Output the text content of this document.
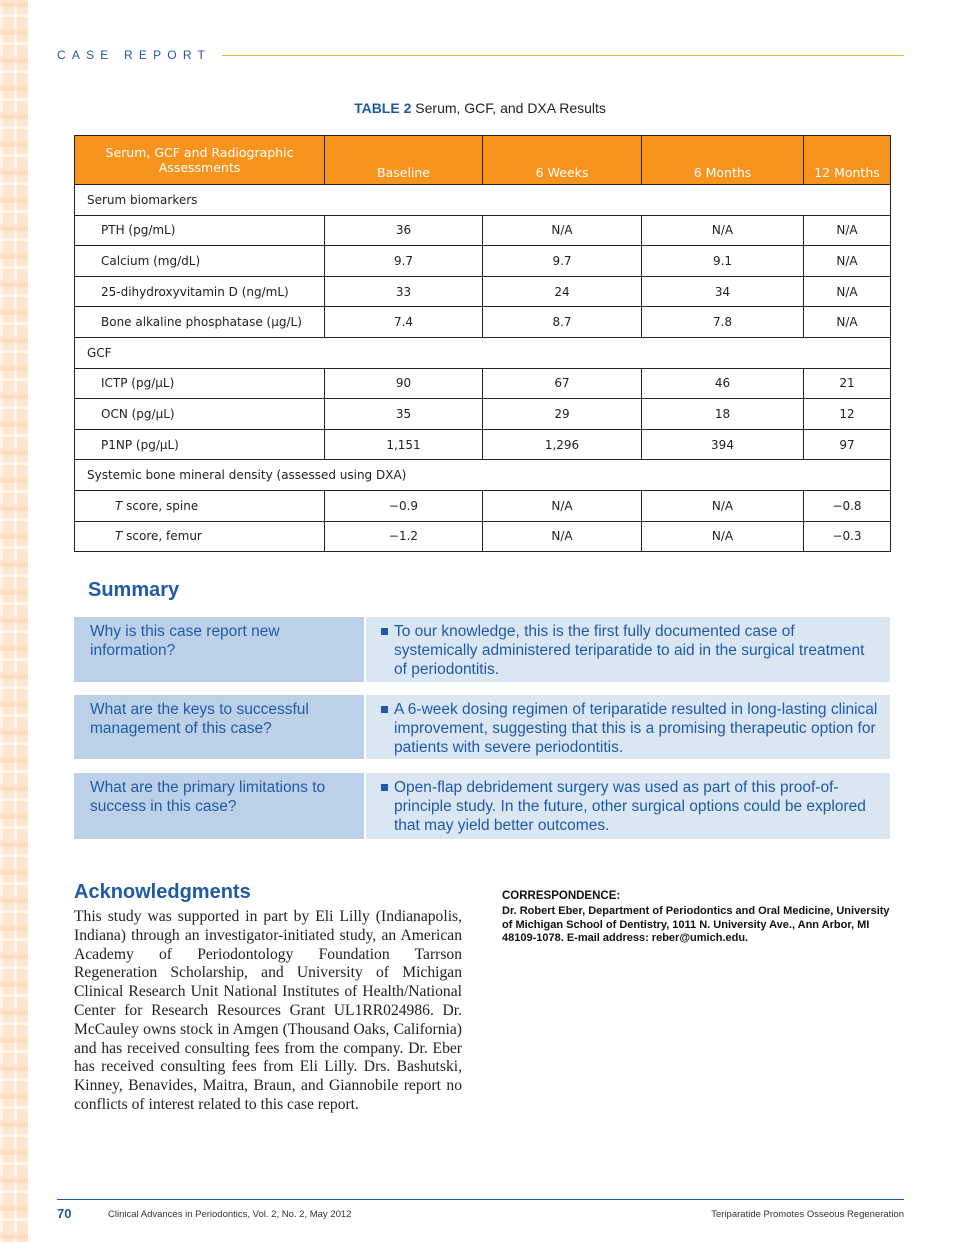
CASE REPORT
TABLE 2 Serum, GCF, and DXA Results
Serum, GCF and Radiographic Assessments	Baseline	6 Weeks	6 Months	12 Months
Serum biomarkers				
PTH (pg/mL)	36	N/A	N/A	N/A
Calcium (mg/dL)	9.7	9.7	9.1	N/A
25-dihydroxyvitamin D (ng/mL)	33	24	34	N/A
Bone alkaline phosphatase (µg/L)	7.4	8.7	7.8	N/A
GCF				
ICTP (pg/µL)	90	67	46	21
OCN (pg/µL)	35	29	18	12
P1NP (pg/µL)	1,151	1,296	394	97
Systemic bone mineral density (assessed using DXA)				
T score, spine	−0.9	N/A	N/A	−0.8
T score, femur	−1.2	N/A	N/A	−0.3
Summary
Why is this case report new information?
To our knowledge, this is the first fully documented case of systemically administered teriparatide to aid in the surgical treatment of periodontitis.
What are the keys to successful management of this case?
A 6-week dosing regimen of teriparatide resulted in long-lasting clinical improvement, suggesting that this is a promising therapeutic option for patients with severe periodontitis.
What are the primary limitations to success in this case?
Open-flap debridement surgery was used as part of this proof-of-principle study. In the future, other surgical options could be explored that may yield better outcomes.
Acknowledgments
This study was supported in part by Eli Lilly (Indianapolis, Indiana) through an investigator-initiated study, an American Academy of Periodontology Foundation Tarrson Regeneration Scholarship, and University of Michigan Clinical Research Unit National Institutes of Health/National Center for Research Resources Grant UL1RR024986. Dr. McCauley owns stock in Amgen (Thousand Oaks, California) and has received consulting fees from the company. Dr. Eber has received consulting fees from Eli Lilly. Drs. Bashutski, Kinney, Benavides, Maitra, Braun, and Giannobile report no conflicts of interest related to this case report.
CORRESPONDENCE:
Dr. Robert Eber, Department of Periodontics and Oral Medicine, University of Michigan School of Dentistry, 1011 N. University Ave., Ann Arbor, MI 48109-1078. E-mail address: reber@umich.edu.
70	Clinical Advances in Periodontics, Vol. 2, No. 2, May 2012	Teriparatide Promotes Osseous Regeneration
